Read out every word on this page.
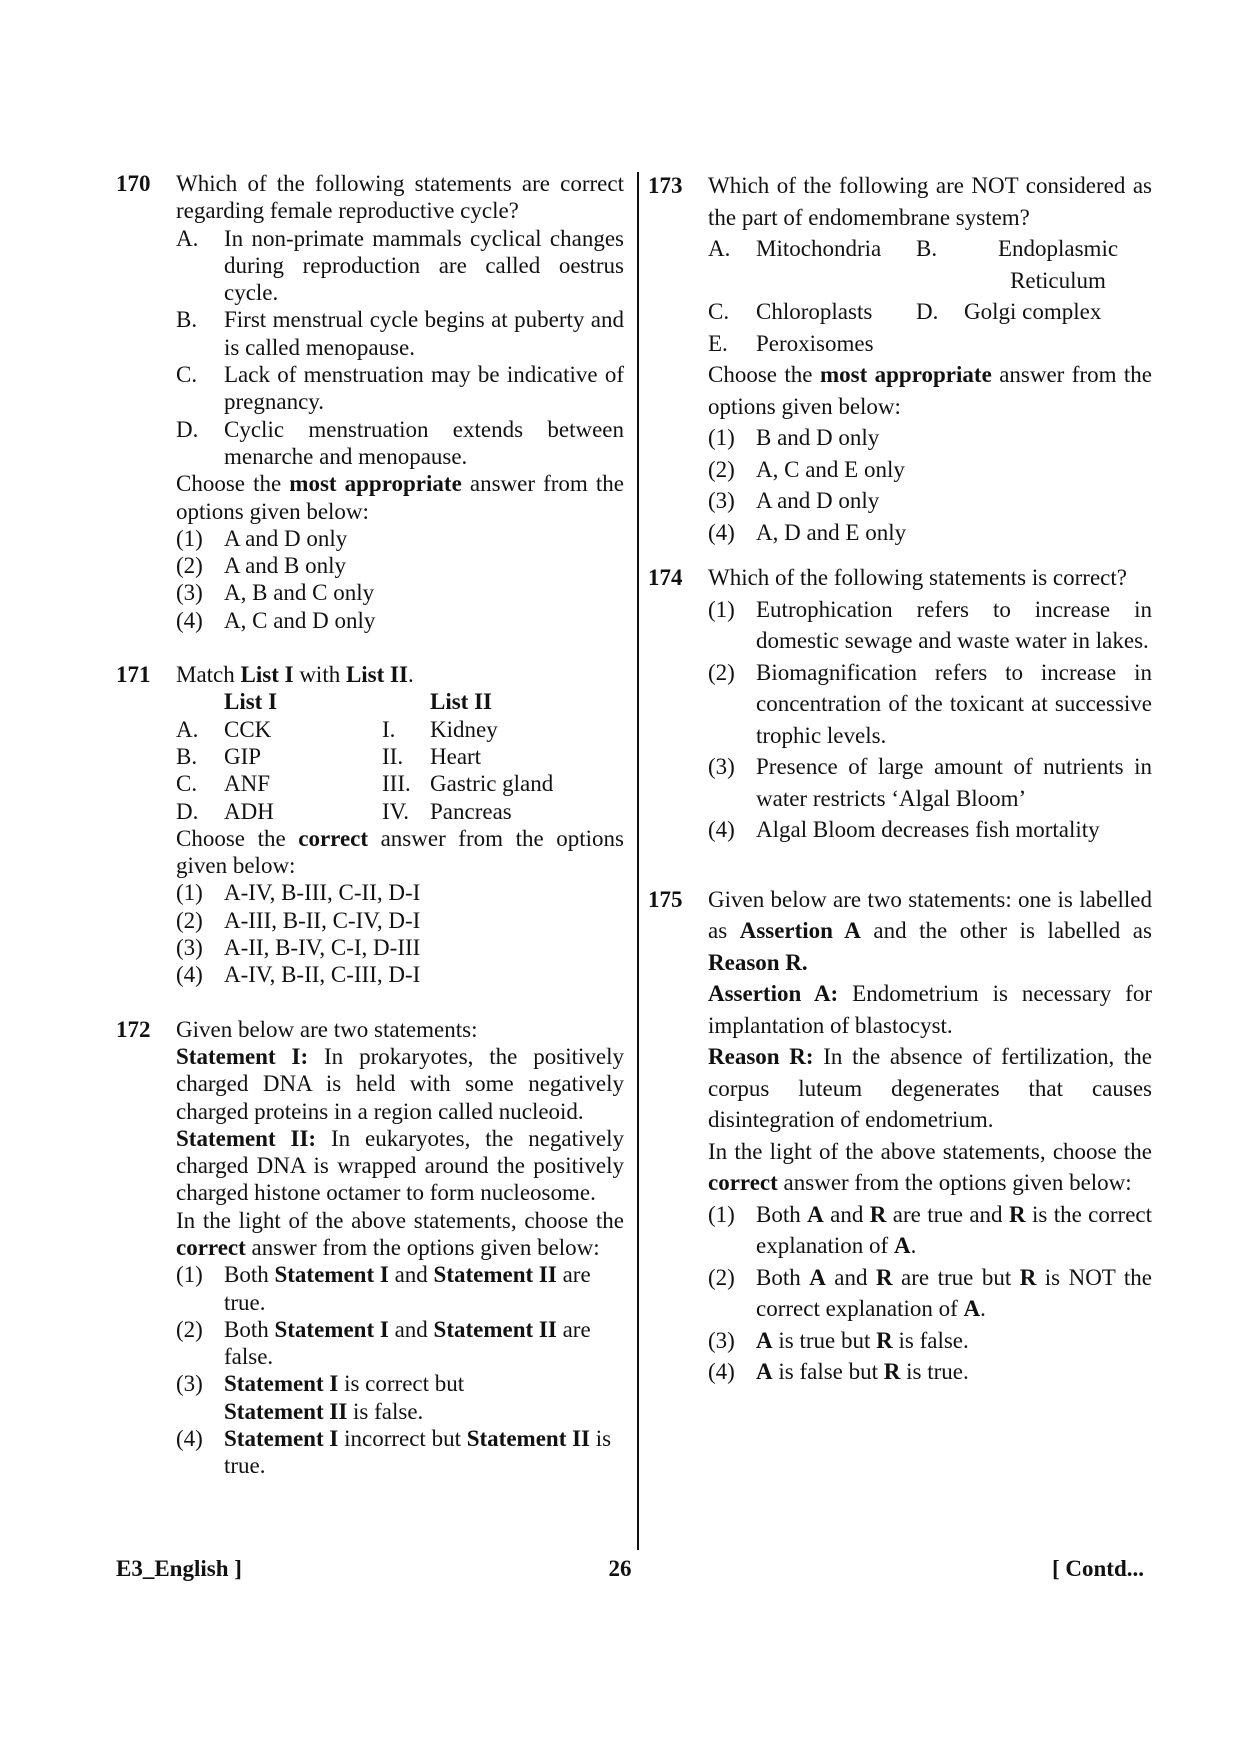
170 Which of the following statements are correct regarding female reproductive cycle?
A. In non-primate mammals cyclical changes during reproduction are called oestrus cycle.
B. First menstrual cycle begins at puberty and is called menopause.
C. Lack of menstruation may be indicative of pregnancy.
D. Cyclic menstruation extends between menarche and menopause.
Choose the most appropriate answer from the options given below:
(1) A and D only
(2) A and B only
(3) A, B and C only
(4) A, C and D only
171 Match List I with List II.
List I	List II
A.	CCK	I.	Kidney
B.	GIP	II.	Heart
C.	ANF	III. Gastric gland
D.	ADH	IV. Pancreas
Choose the correct answer from the options given below:
(1) A-IV, B-III, C-II, D-I
(2) A-III, B-II, C-IV, D-I
(3) A-II, B-IV, C-I, D-III
(4) A-IV, B-II, C-III, D-I
172 Given below are two statements:
Statement I: In prokaryotes, the positively charged DNA is held with some negatively charged proteins in a region called nucleoid.
Statement II: In eukaryotes, the negatively charged DNA is wrapped around the positively charged histone octamer to form nucleosome.
In the light of the above statements, choose the correct answer from the options given below:
(1) Both Statement I and Statement II are true.
(2) Both Statement I and Statement II are false.
(3) Statement I is correct but
Statement II is false.
(4) Statement I incorrect but Statement II is true.
173 Which of the following are NOT considered as the part of endomembrane system?
A.	Mitochondria	B.	Endoplasmic Reticulum
C.	Chloroplasts	D.	Golgi complex
E.	Peroxisomes
Choose the most appropriate answer from the options given below:
(1) B and D only
(2) A, C and E only
(3) A and D only
(4) A, D and E only
174 Which of the following statements is correct?
(1) Eutrophication refers to increase in domestic sewage and waste water in lakes.
(2) Biomagnification refers to increase in concentration of the toxicant at successive trophic levels.
(3) Presence of large amount of nutrients in water restricts ‘Algal Bloom’
(4) Algal Bloom decreases fish mortality
175 Given below are two statements: one is labelled as Assertion A and the other is labelled as Reason R.
Assertion A: Endometrium is necessary for implantation of blastocyst.
Reason R: In the absence of fertilization, the corpus luteum degenerates that causes disintegration of endometrium.
In the light of the above statements, choose the correct answer from the options given below:
(1) Both A and R are true and R is the correct explanation of A.
(2) Both A and R are true but R is NOT the correct explanation of A.
(3) A is true but R is false.
(4) A is false but R is true.
E3_English ]	26	[ Contd...
